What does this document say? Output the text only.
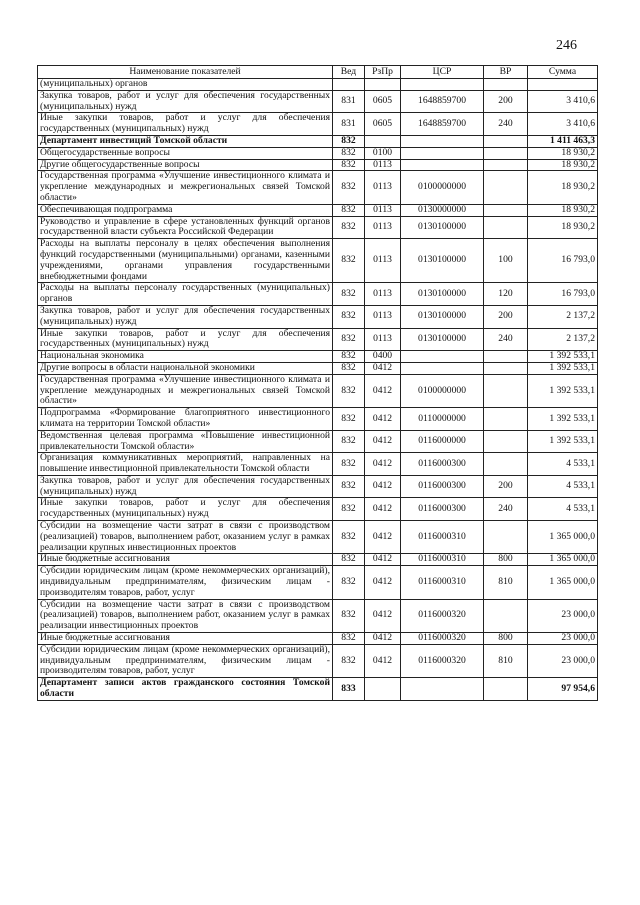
246
Наименование показателей	Вед	РзПр	ЦСР	ВР	Сумма
(муниципальных) органов					
Закупка товаров, работ и услуг для обеспечения государственных (муниципальных) нужд	831	0605	1648859700	200	3 410,6
Иные закупки товаров, работ и услуг для обеспечения государственных (муниципальных) нужд	831	0605	1648859700	240	3 410,6
Департамент инвестиций Томской области	832				1 411 463,3
Общегосударственные вопросы	832	0100			18 930,2
Другие общегосударственные вопросы	832	0113			18 930,2
Государственная программа «Улучшение инвестиционного климата и укрепление международных и межрегиональных связей Томской области»	832	0113	0100000000		18 930,2
Обеспечивающая подпрограмма	832	0113	0130000000		18 930,2
Руководство и управление в сфере установленных функций органов государственной власти субъекта Российской Федерации	832	0113	0130100000		18 930,2
Расходы на выплаты персоналу в целях обеспечения выполнения функций государственными (муниципальными) органами, казенными учреждениями, органами управления государственными внебюджетными фондами	832	0113	0130100000	100	16 793,0
Расходы на выплаты персоналу государственных (муниципальных) органов	832	0113	0130100000	120	16 793,0
Закупка товаров, работ и услуг для обеспечения государственных (муниципальных) нужд	832	0113	0130100000	200	2 137,2
Иные закупки товаров, работ и услуг для обеспечения государственных (муниципальных) нужд	832	0113	0130100000	240	2 137,2
Национальная экономика	832	0400			1 392 533,1
Другие вопросы в области национальной экономики	832	0412			1 392 533,1
Государственная программа «Улучшение инвестиционного климата и укрепление международных и межрегиональных связей Томской области»	832	0412	0100000000		1 392 533,1
Подпрограмма «Формирование благоприятного инвестиционного климата на территории Томской области»	832	0412	0110000000		1 392 533,1
Ведомственная целевая программа «Повышение инвестиционной привлекательности Томской области»	832	0412	0116000000		1 392 533,1
Организация коммуникативных мероприятий, направленных на повышение инвестиционной привлекательности Томской области	832	0412	0116000300		4 533,1
Закупка товаров, работ и услуг для обеспечения государственных (муниципальных) нужд	832	0412	0116000300	200	4 533,1
Иные закупки товаров, работ и услуг для обеспечения государственных (муниципальных) нужд	832	0412	0116000300	240	4 533,1
Субсидии на возмещение части затрат в связи с производством (реализацией) товаров, выполнением работ, оказанием услуг в рамках реализации крупных инвестиционных проектов	832	0412	0116000310		1 365 000,0
Иные бюджетные ассигнования	832	0412	0116000310	800	1 365 000,0
Субсидии юридическим лицам (кроме некоммерческих организаций), индивидуальным предпринимателям, физическим лицам - производителям товаров, работ, услуг	832	0412	0116000310	810	1 365 000,0
Субсидии на возмещение части затрат в связи с производством (реализацией) товаров, выполнением работ, оказанием услуг в рамках реализации инвестиционных проектов	832	0412	0116000320		23 000,0
Иные бюджетные ассигнования	832	0412	0116000320	800	23 000,0
Субсидии юридическим лицам (кроме некоммерческих организаций), индивидуальным предпринимателям, физическим лицам - производителям товаров, работ, услуг	832	0412	0116000320	810	23 000,0
Департамент записи актов гражданского состояния Томской области	833				97 954,6
